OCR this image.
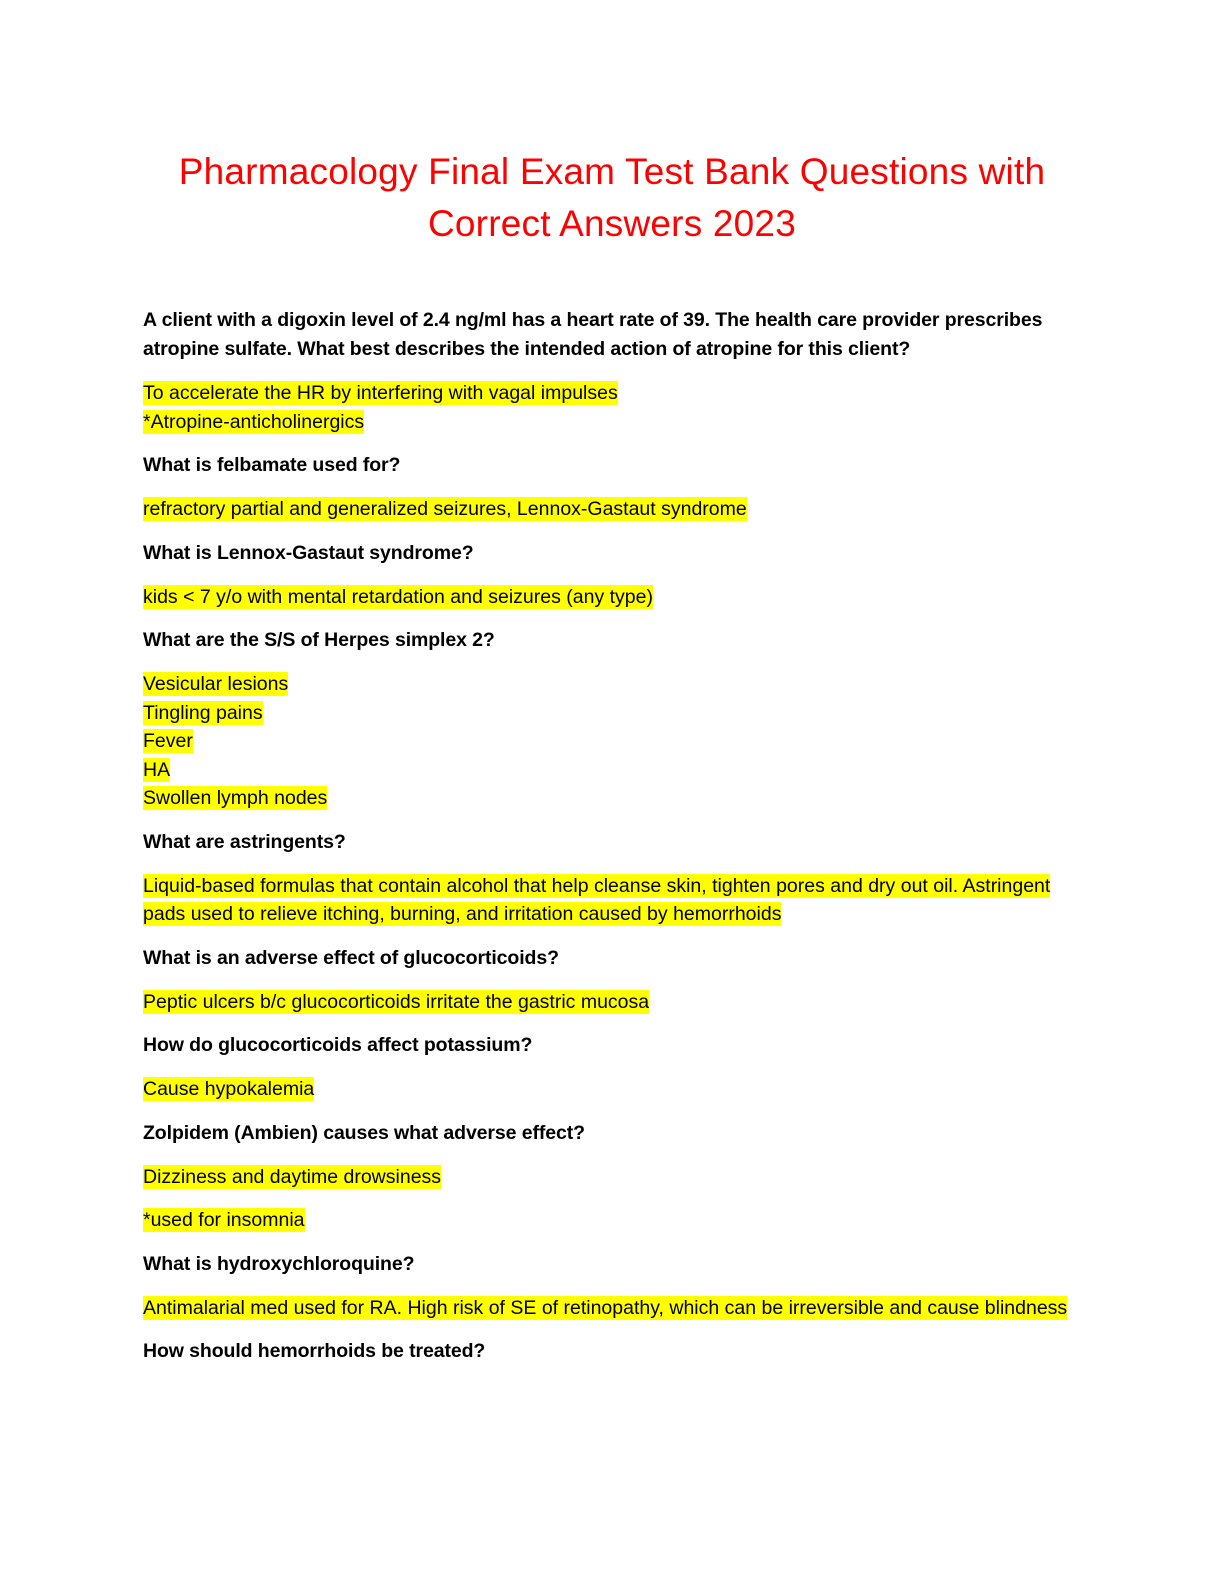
Pharmacology Final Exam Test Bank Questions with
Correct Answers 2023

A client with a digoxin level of 2.4 ng/ml has a heart rate of 39. The health care provider prescribes atropine sulfate. What best describes the intended action of atropine for this client?

To accelerate the HR by interfering with vagal impulses
*Atropine-anticholinergics

What is felbamate used for?

refractory partial and generalized seizures, Lennox-Gastaut syndrome

What is Lennox-Gastaut syndrome?

kids < 7 y/o with mental retardation and seizures (any type)

What are the S/S of Herpes simplex 2?

Vesicular lesions
Tingling pains
Fever
HA
Swollen lymph nodes

What are astringents?

Liquid-based formulas that contain alcohol that help cleanse skin, tighten pores and dry out oil. Astringent pads used to relieve itching, burning, and irritation caused by hemorrhoids

What is an adverse effect of glucocorticoids?

Peptic ulcers b/c glucocorticoids irritate the gastric mucosa

How do glucocorticoids affect potassium?

Cause hypokalemia

Zolpidem (Ambien) causes what adverse effect?

Dizziness and daytime drowsiness
*used for insomnia

What is hydroxychloroquine?

Antimalarial med used for RA. High risk of SE of retinopathy, which can be irreversible and cause blindness

How should hemorrhoids be treated?
